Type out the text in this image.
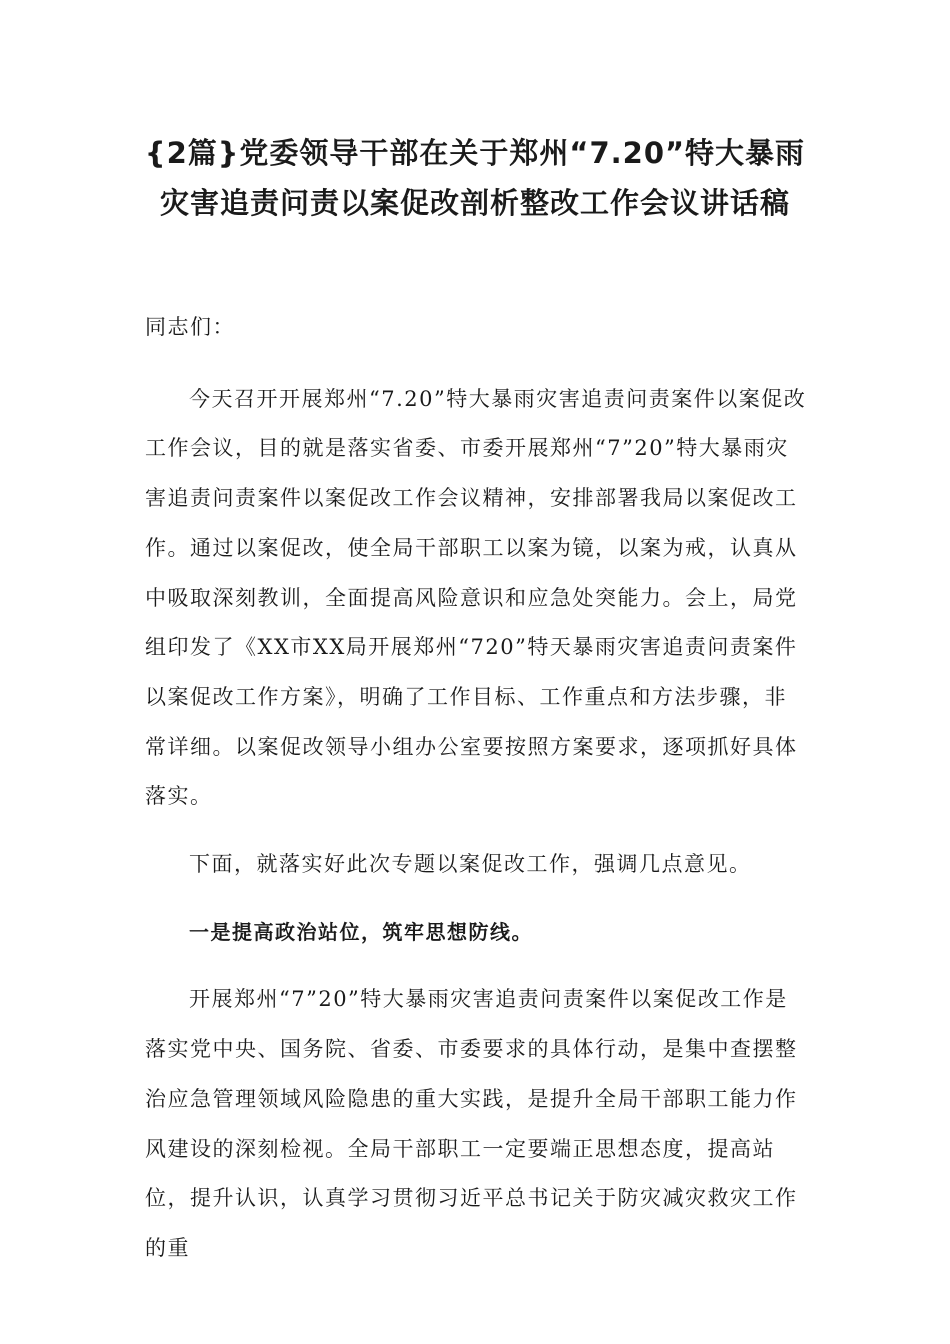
{2篇}党委领导干部在关于郑州“7.20”特大暴雨
灾害追责问责以案促改剖析整改工作会议讲话稿

同志们：

今天召开开展郑州“7.20”特大暴雨灾害追责问责案件以案促改工作会议，目的就是落实省委、市委开展郑州“7”20”特大暴雨灾害追责问责案件以案促改工作会议精神，安排部署我局以案促改工作。通过以案促改，使全局干部职工以案为镜，以案为戒，认真从中吸取深刻教训，全面提高风险意识和应急处突能力。会上，局党组印发了《XX市XX局开展郑州“720”特天暴雨灾害追责问责案件以案促改工作方案》，明确了工作目标、工作重点和方法步骤，非常详细。以案促改领导小组办公室要按照方案要求，逐项抓好具体落实。

下面，就落实好此次专题以案促改工作，强调几点意见。

一是提高政治站位，筑牢思想防线。

开展郑州“7”20”特大暴雨灾害追责问责案件以案促改工作是落实党中央、国务院、省委、市委要求的具体行动，是集中查摆整治应急管理领域风险隐患的重大实践，是提升全局干部职工能力作风建设的深刻检视。全局干部职工一定要端正思想态度，提高站位，提升认识，认真学习贯彻习近平总书记关于防灾减灾救灾工作的重
